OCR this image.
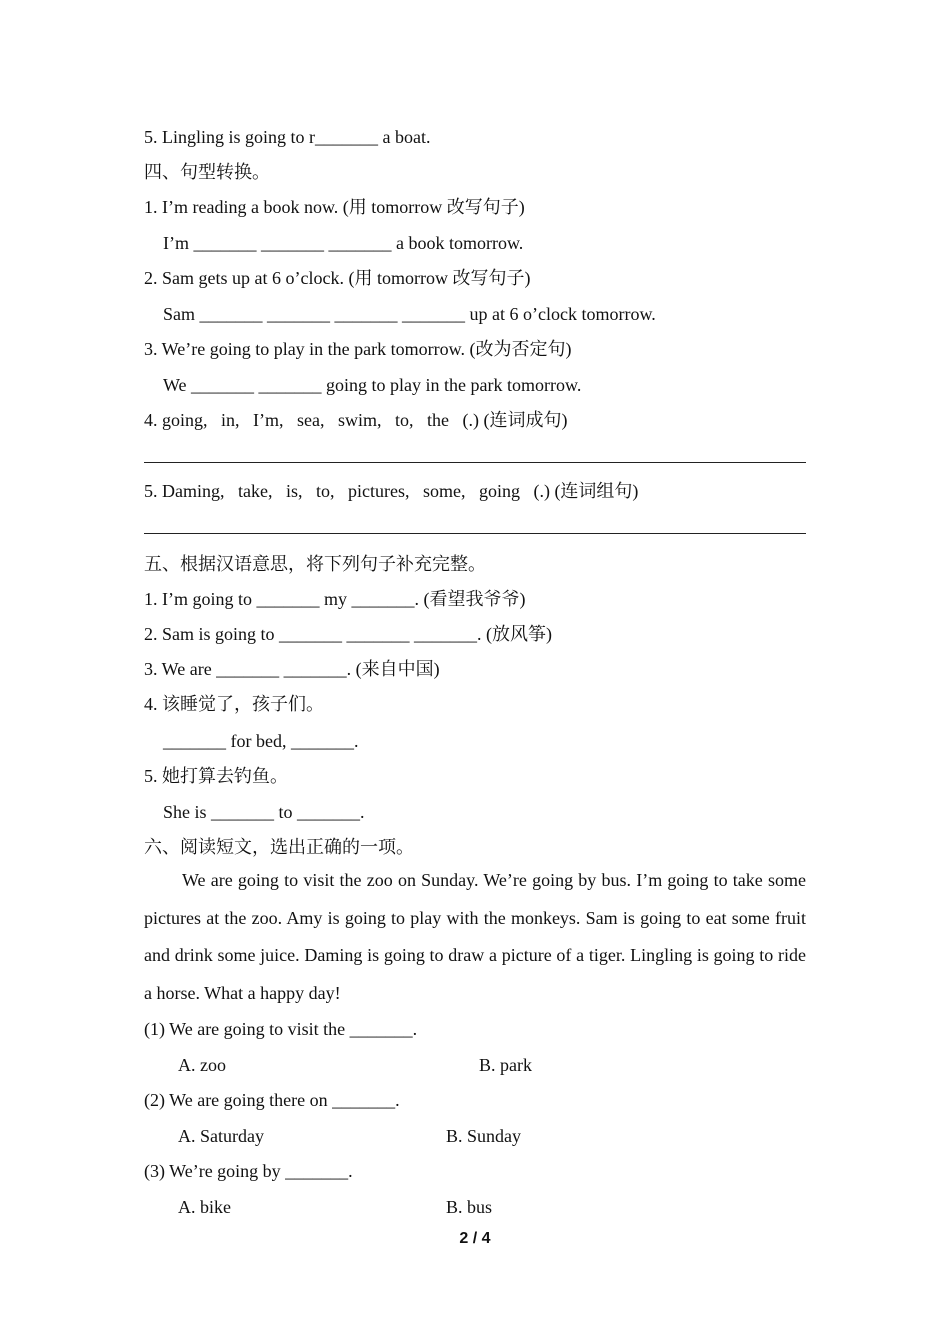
5. Lingling is going to r_______ a boat.
四、句型转换。
1. I’m reading a book now. (用 tomorrow 改写句子)
I’m _______ _______ _______ a book tomorrow.
2. Sam gets up at 6 o’clock. (用 tomorrow 改写句子)
Sam _______ _______ _______ _______ up at 6 o’clock tomorrow.
3. We’re going to play in the park tomorrow. (改为否定句)
We _______ _______ going to play in the park tomorrow.
4. going,   in,   I’m,   sea,   swim,   to,   the   (.) (连词成句)
5. Daming,   take,   is,   to,   pictures,   some,   going   (.) (连词组句)
五、根据汉语意思，将下列句子补充完整。
1. I’m going to _______ my _______. (看望我爷爷)
2. Sam is going to _______ _______ _______. (放风筝)
3. We are _______ _______. (来自中国)
4. 该睡觉了，孩子们。
_______ for bed, _______.
5. 她打算去钓鱼。
She is _______ to _______.
六、阅读短文，选出正确的一项。
We are going to visit the zoo on Sunday. We’re going by bus. I’m going to take some pictures at the zoo. Amy is going to play with the monkeys. Sam is going to eat some fruit and drink some juice. Daming is going to draw a picture of a tiger. Lingling is going to ride a horse. What a happy day!
(1) We are going to visit the _______.
A. zoo	B. park
(2) We are going there on _______.
A. Saturday	B. Sunday
(3) We’re going by _______.
A. bike	B. bus
2 / 4
